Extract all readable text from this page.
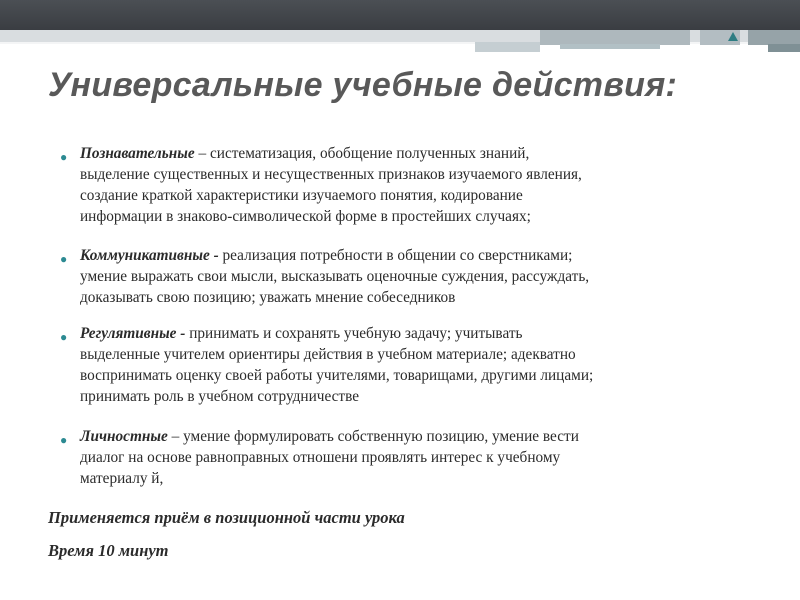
Универсальные учебные действия:
● Познавательные – систематизация, обобщение полученных знаний,
выделение существенных и несущественных признаков изучаемого явления,
создание краткой характеристики изучаемого понятия, кодирование
информации в знаково-символической форме в простейших случаях;
● Коммуникативные - реализация потребности в общении со сверстниками;
умение выражать свои мысли, высказывать оценочные суждения, рассуждать,
доказывать свою позицию; уважать мнение собеседников
● Регулятивные - принимать и сохранять учебную задачу; учитывать
выделенные учителем ориентиры действия в учебном материале; адекватно
воспринимать оценку своей работы учителями, товарищами, другими лицами;
принимать роль в учебном сотрудничестве
● Личностные – умение формулировать собственную позицию, умение вести
диалог на основе равноправных отношени проявлять интерес к учебному
материалу й,
Применяется приём в позиционной части урока
Время 10 минут
